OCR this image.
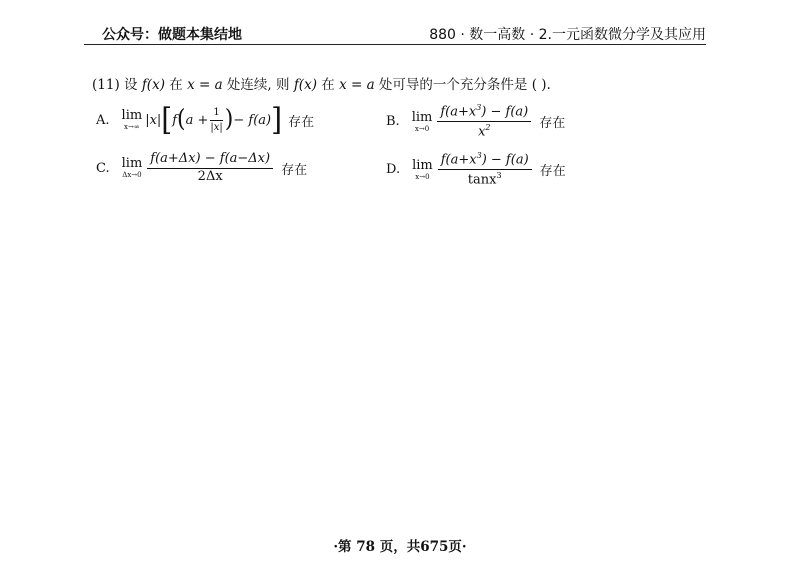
公众号：做题本集结地	880 · 数一高数 · 2.一元函数微分学及其应用
(11) 设 f(x) 在 x = a 处连续, 则 f(x) 在 x = a 处可导的一个充分条件是 ( ).
A. lim
x→∞ |x| [ f ( $a + \frac{1}{|x|}$ ) − f(a) ] 存在	B. lim
$x\to 0 \frac{f(a+x^3) - f(a)}{x^2}$ 存在
C. lim
$\Delta x\to 0 \frac{f(a+\Delta x) - f(a-\Delta x)}{2\Delta x}$ 存在	D. lim
$x\to 0 \frac{f(a+x^3) - f(a)}{\tan x^3}$ 存在
·第 78 页，共675页·
